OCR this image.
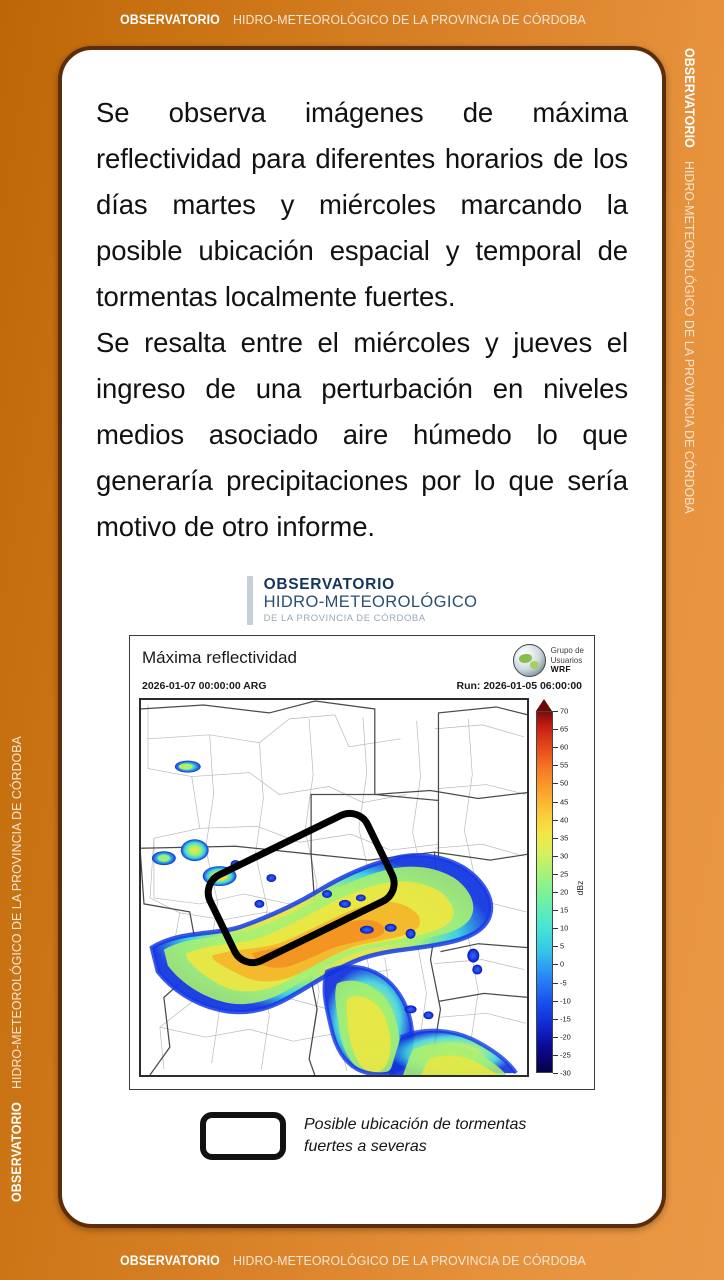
OBSERVATORIO HIDRO-METEOROLÓGICO DE LA PROVINCIA DE CÓRDOBA
OBSERVATORIO HIDRO-METEOROLÓGICO DE LA PROVINCIA DE CÓRDOBA
OBSERVATORIO HIDRO-METEOROLÓGICO DE LA PROVINCIA DE CÓRDOBA
OBSERVATORIO HIDRO-METEOROLÓGICO DE LA PROVINCIA DE CÓRDOBA

Se observa imágenes de máxima reflectividad para diferentes horarios de los días martes y miércoles marcando la posible ubicación espacial y temporal de tormentas localmente fuertes.

Se resalta entre el miércoles y jueves el ingreso de una perturbación en niveles medios asociado aire húmedo lo que generaría precipitaciones por lo que sería motivo de otro informe.

OBSERVATORIO
HIDRO-METEOROLÓGICO
DE LA PROVINCIA DE CÓRDOBA
Máxima reflectividad
2026-01-07 00:00:00 ARG	Run: 2026-01-05 06:00:00
Grupo de
Usuarios
WRF
70
65
60
55
50
45
40
35
30
25
20
15
10
5
0
-5
-10
-15
-20
-25
-30
dBz
Posible ubicación de tormentas fuertes a severas
